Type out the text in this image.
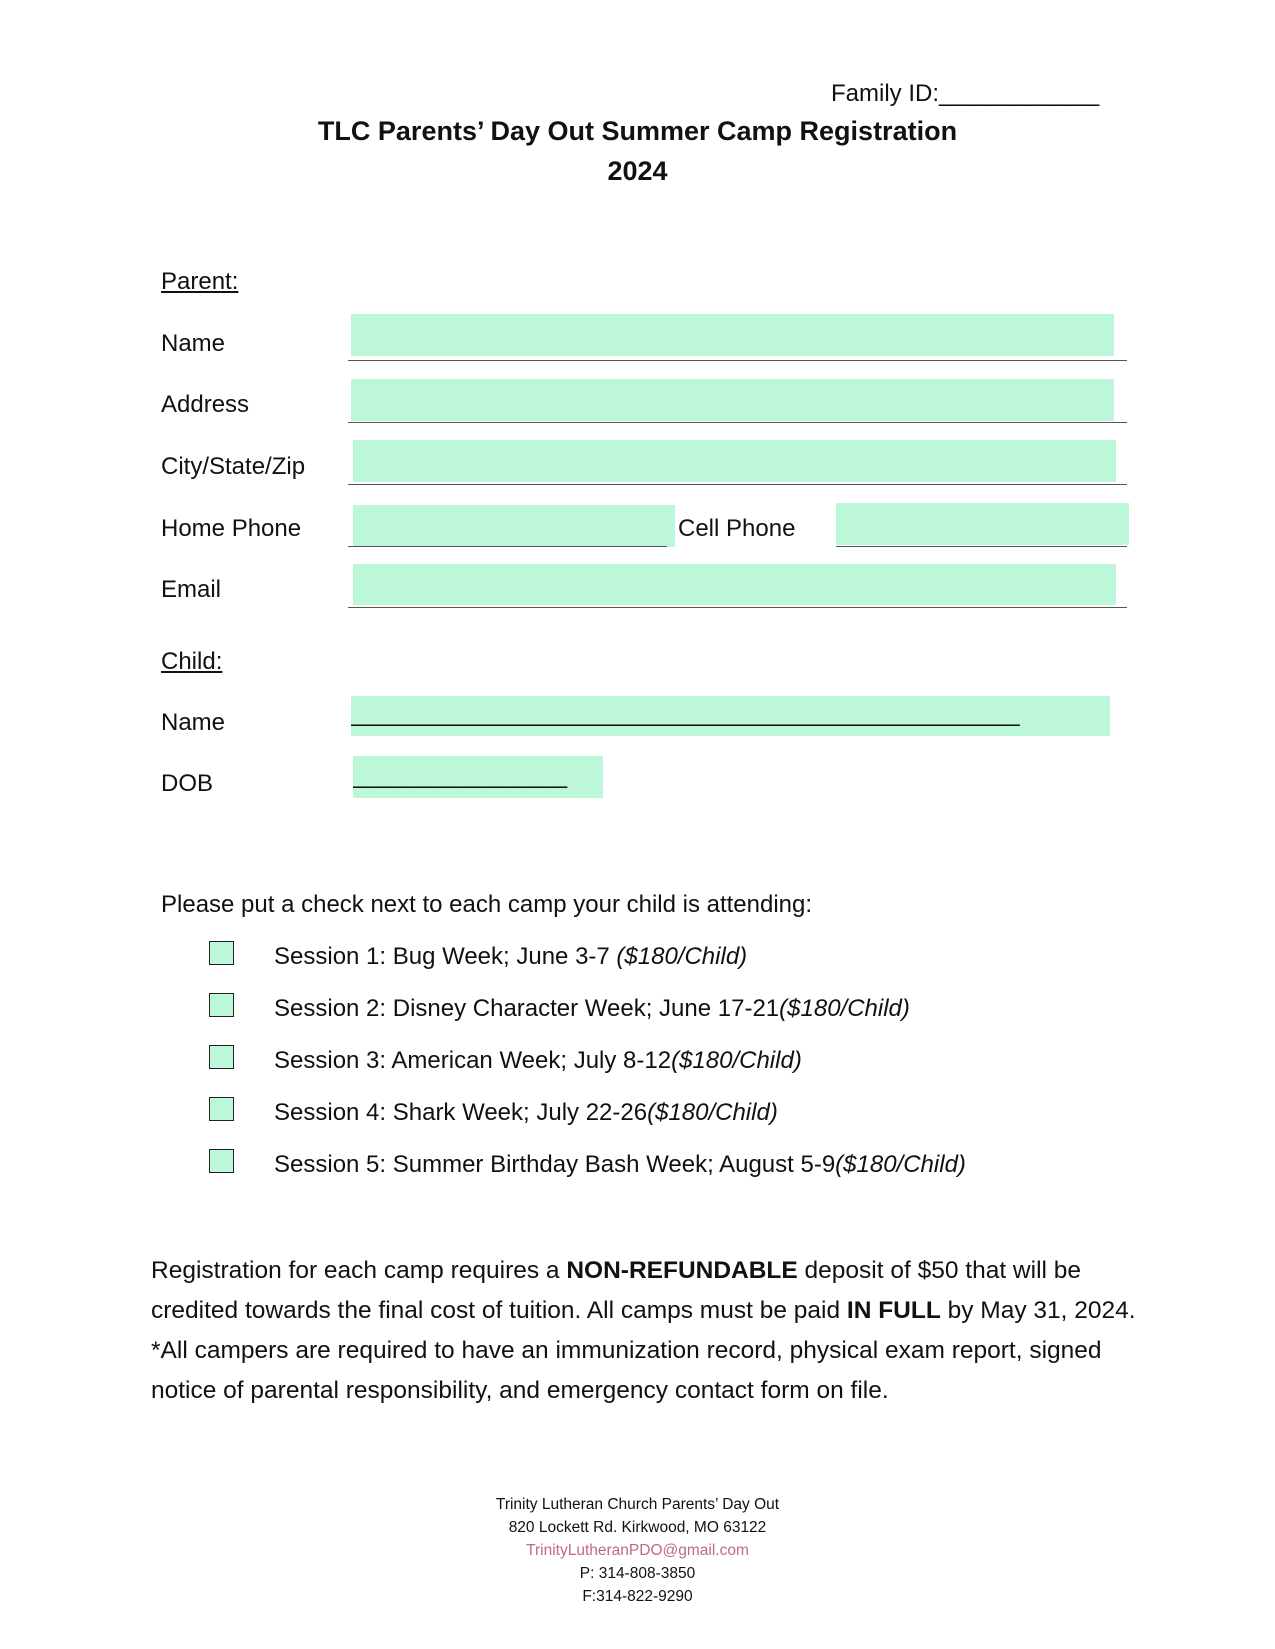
Family ID:____________
TLC Parents’ Day Out Summer Camp Registration
2024
Parent:
Name
Address
City/State/Zip
Home Phone	Cell Phone
Email
Child:
Name	____________________________________________________
DOB	_________________
Please put a check next to each camp your child is attending:
Session 1: Bug Week; June 3-7 ($180/Child)
Session 2: Disney Character Week; June 17-21($180/Child)
Session 3: American Week; July 8-12($180/Child)
Session 4: Shark Week; July 22-26($180/Child)
Session 5: Summer Birthday Bash Week; August 5-9($180/Child)
Registration for each camp requires a NON-REFUNDABLE deposit of $50 that will be credited towards the final cost of tuition. All camps must be paid IN FULL by May 31, 2024.
*All campers are required to have an immunization record, physical exam report, signed notice of parental responsibility, and emergency contact form on file.
Trinity Lutheran Church Parents’ Day Out
820 Lockett Rd. Kirkwood, MO 63122
TrinityLutheranPDO@gmail.com
P: 314-808-3850
F:314-822-9290
